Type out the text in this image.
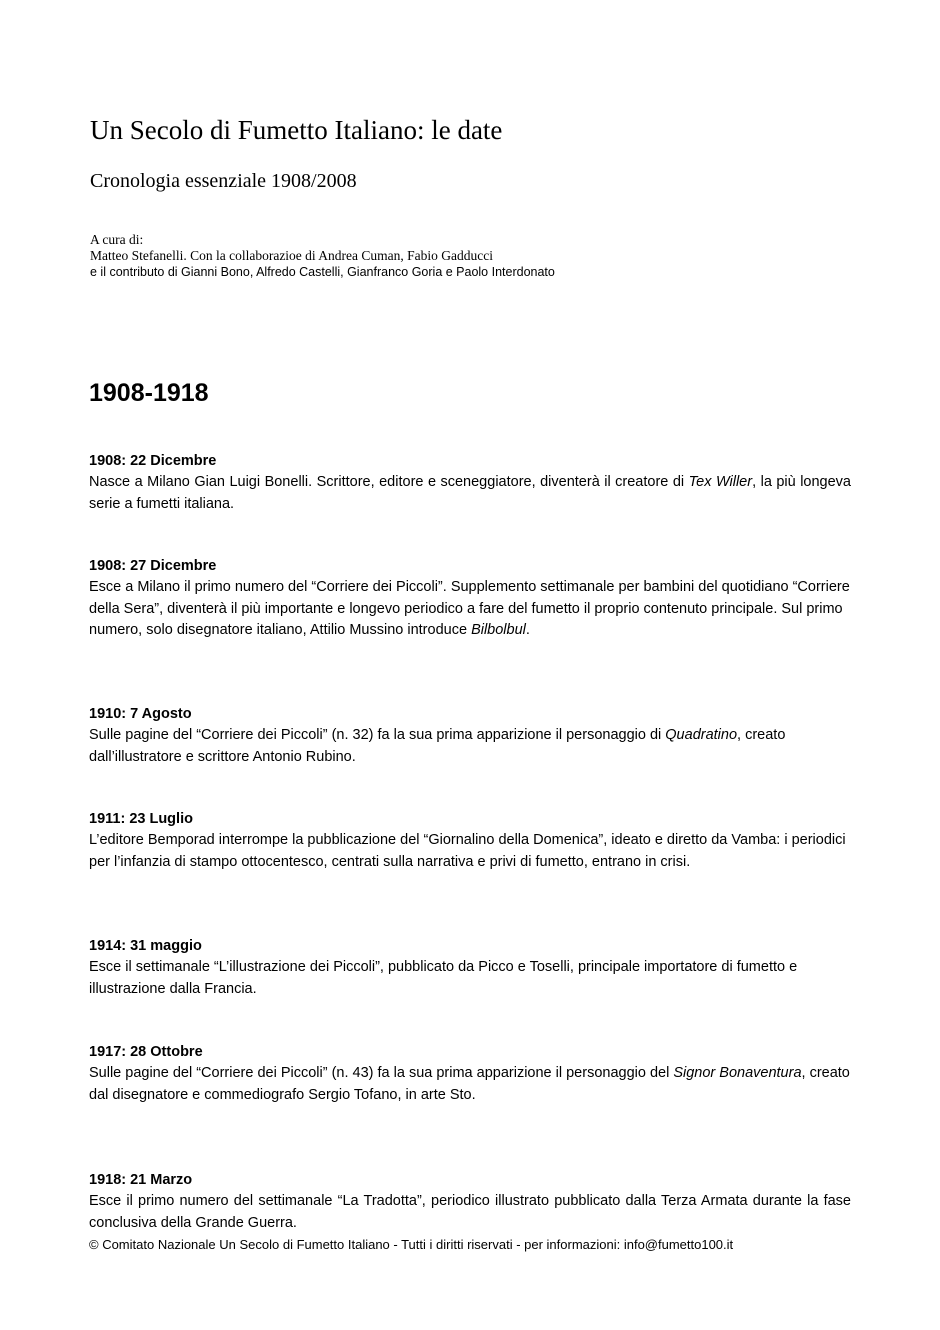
Un Secolo di Fumetto Italiano: le date
Cronologia essenziale 1908/2008
A cura di:
Matteo Stefanelli. Con la collaborazioe di Andrea Cuman, Fabio Gadducci
e il contributo di Gianni Bono, Alfredo Castelli, Gianfranco Goria e Paolo Interdonato
1908-1918
1908: 22 Dicembre
Nasce a Milano Gian Luigi Bonelli. Scrittore, editore e sceneggiatore, diventerà il creatore di Tex Willer, la più longeva serie a fumetti italiana.
1908: 27 Dicembre
Esce a Milano il primo numero del “Corriere dei Piccoli”. Supplemento settimanale per bambini del quotidiano “Corriere della Sera”, diventerà il più importante e longevo periodico a fare del fumetto il proprio contenuto principale. Sul primo numero, solo disegnatore italiano, Attilio Mussino introduce Bilbolbul.
1910: 7 Agosto
Sulle pagine del “Corriere dei Piccoli” (n. 32) fa la sua prima apparizione il personaggio di Quadratino, creato dall’illustratore e scrittore Antonio Rubino.
1911: 23 Luglio
L’editore Bemporad interrompe la pubblicazione del “Giornalino della Domenica”, ideato e diretto da Vamba: i periodici per l’infanzia di stampo ottocentesco, centrati sulla narrativa e privi di fumetto, entrano in crisi.
1914: 31 maggio
Esce il settimanale “L’illustrazione dei Piccoli”, pubblicato da Picco e Toselli, principale importatore di fumetto e illustrazione dalla Francia.
1917: 28 Ottobre
Sulle pagine del “Corriere dei Piccoli” (n. 43) fa la sua prima apparizione il personaggio del Signor Bonaventura, creato dal disegnatore e commediografo Sergio Tofano, in arte Sto.
1918: 21 Marzo
Esce il primo numero del settimanale “La Tradotta”, periodico illustrato pubblicato dalla Terza Armata durante la fase conclusiva della Grande Guerra.
© Comitato Nazionale Un Secolo di Fumetto Italiano - Tutti i diritti riservati - per informazioni: info@fumetto100.it
